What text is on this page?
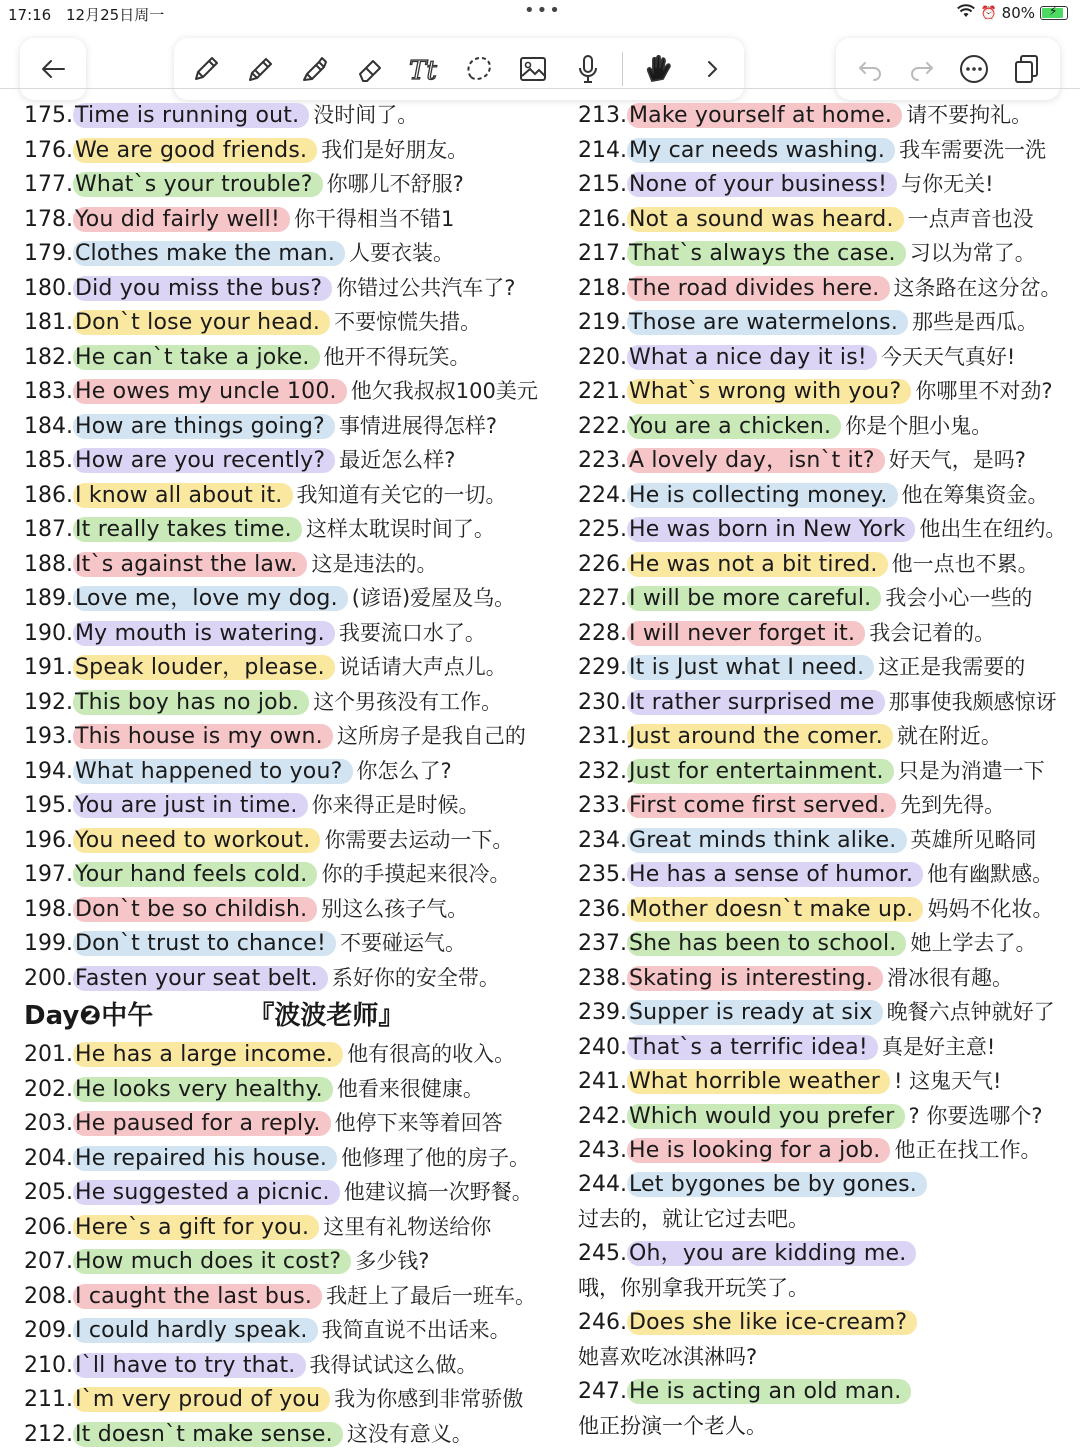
17:16 12月25日周一	•••	⏰ 80% ⚡
Tt
175.Time is running out. 没时间了。
176.We are good friends. 我们是好朋友。
177.What`s your trouble? 你哪儿不舒服?
178.You did fairly well! 你干得相当不错1
179.Clothes make the man. 人要衣装。
180.Did you miss the bus? 你错过公共汽车了?
181.Don`t lose your head. 不要惊慌失措。
182.He can`t take a joke. 他开不得玩笑。
183.He owes my uncle 100. 他欠我叔叔100美元
184.How are things going? 事情进展得怎样?
185.How are you recently? 最近怎么样?
186.I know all about it. 我知道有关它的一切。
187.It really takes time. 这样太耽误时间了。
188.It`s against the law. 这是违法的。
189.Love me，love my dog. (谚语)爱屋及乌。
190.My mouth is watering. 我要流口水了。
191.Speak louder，please. 说话请大声点儿。
192.This boy has no job. 这个男孩没有工作。
193.This house is my own. 这所房子是我自己的
194.What happened to you? 你怎么了?
195.You are just in time. 你来得正是时候。
196.You need to workout. 你需要去运动一下。
197.Your hand feels cold. 你的手摸起来很冷。
198.Don`t be so childish. 别这么孩子气。
199.Don`t trust to chance! 不要碰运气。
200.Fasten your seat belt. 系好你的安全带。
Day❷中午	『波波老师』
201.He has a large income. 他有很高的收入。
202.He looks very healthy. 他看来很健康。
203.He paused for a reply. 他停下来等着回答
204.He repaired his house. 他修理了他的房子。
205.He suggested a picnic. 他建议搞一次野餐。
206.Here`s a gift for you. 这里有礼物送给你
207.How much does it cost? 多少钱?
208.I caught the last bus. 我赶上了最后一班车。
209.I could hardly speak. 我简直说不出话来。
210.I`ll have to try that. 我得试试这么做。
211.I`m very proud of you 我为你感到非常骄傲
212.It doesn`t make sense. 这没有意义。
213.Make yourself at home. 请不要拘礼。
214.My car needs washing. 我车需要洗一洗
215.None of your business! 与你无关!
216.Not a sound was heard. 一点声音也没
217.That`s always the case. 习以为常了。
218.The road divides here. 这条路在这分岔。
219.Those are watermelons. 那些是西瓜。
220.What a nice day it is! 今天天气真好!
221.What`s wrong with you? 你哪里不对劲?
222.You are a chicken. 你是个胆小鬼。
223.A lovely day，isn`t it? 好天气，是吗?
224.He is collecting money. 他在筹集资金。
225.He was born in New York 他出生在纽约。
226.He was not a bit tired. 他一点也不累。
227.I will be more careful. 我会小心一些的
228.I will never forget it. 我会记着的。
229.It is Just what I need. 这正是我需要的
230.It rather surprised me 那事使我颇感惊讶
231.Just around the comer. 就在附近。
232.Just for entertainment. 只是为消遣一下
233.First come first served. 先到先得。
234.Great minds think alike. 英雄所见略同
235.He has a sense of humor. 他有幽默感。
236.Mother doesn`t make up. 妈妈不化妆。
237.She has been to school. 她上学去了。
238.Skating is interesting. 滑冰很有趣。
239.Supper is ready at six 晚餐六点钟就好了
240.That`s a terrific idea! 真是好主意!
241.What horrible weather ! 这鬼天气!
242.Which would you prefer ? 你要选哪个?
243.He is looking for a job. 他正在找工作。
244.Let bygones be by gones.
过去的，就让它过去吧。
245.Oh，you are kidding me.
哦，你别拿我开玩笑了。
246.Does she like ice-cream?
她喜欢吃冰淇淋吗?
247.He is acting an old man.
他正扮演一个老人。
